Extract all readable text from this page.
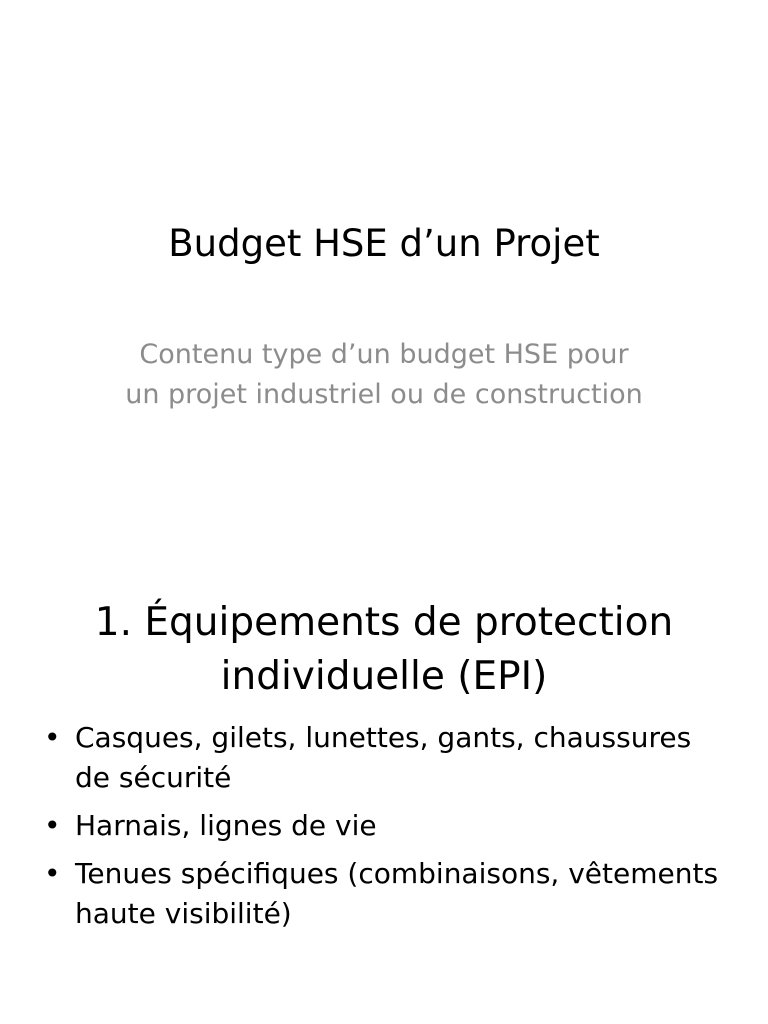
Budget HSE d’un Projet

Contenu type d’un budget HSE pour un projet industriel ou de construction

1. Équipements de protection individuelle (EPI)
• Casques, gilets, lunettes, gants, chaussures de sécurité
• Harnais, lignes de vie
• Tenues spécifiques (combinaisons, vêtements haute visibilité)
